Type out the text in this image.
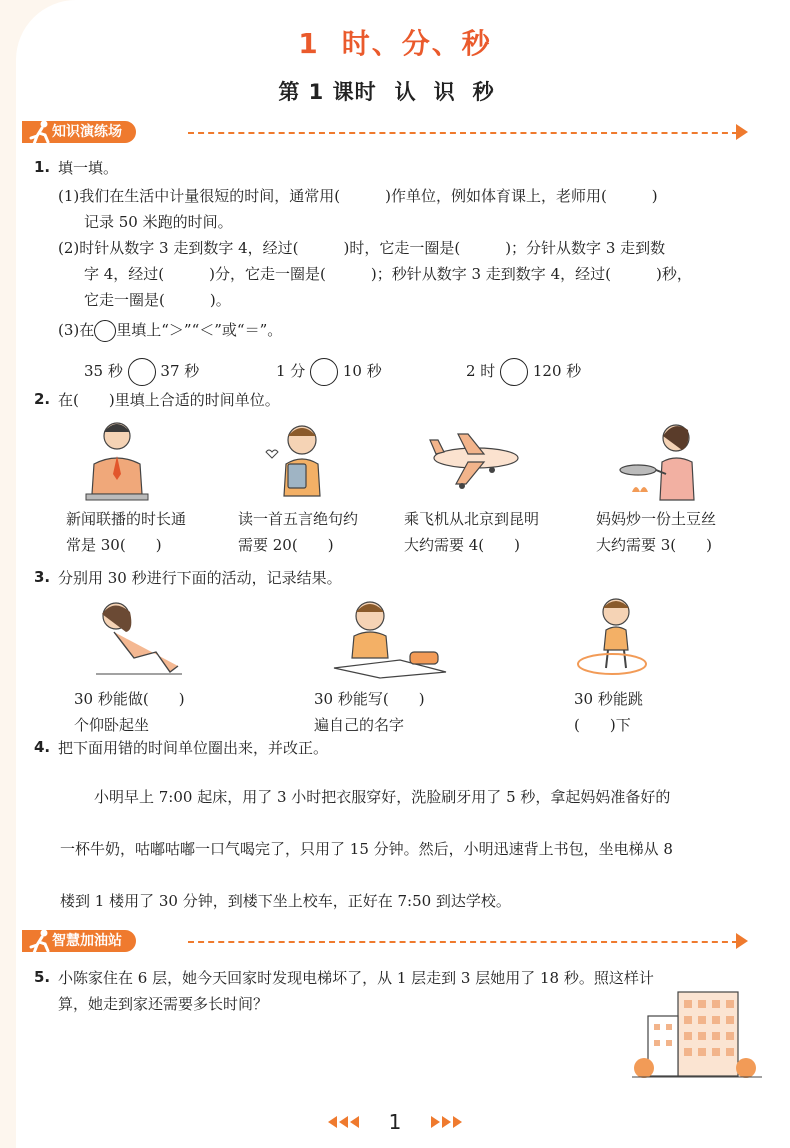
1 时、分、秒
第 1 课时 认识秒
知识演练场
1. 填一填。
(1)我们在生活中计量很短的时间，通常用(　　　)作单位，例如体育课上，老师用(　　　)
记录 50 米跑的时间。
(2)时针从数字 3 走到数字 4，经过(　　　)时，它走一圈是(　　　)；分针从数字 3 走到数
字 4，经过(　　　)分，它走一圈是(　　　)；秒针从数字 3 走到数字 4，经过(　　　)秒，
它走一圈是(　　　)。
(3)在 里填上“＞”“＜”或“＝”。
35 秒	37 秒	1 分	10 秒	2 时	120 秒
2. 在(　　)里填上合适的时间单位。
新闻联播的时长通
常是 30(　　)
读一首五言绝句约
需要 20(　　)
乘飞机从北京到昆明
大约需要 4(　　)
妈妈炒一份土豆丝
大约需要 3(　　)
3. 分别用 30 秒进行下面的活动，记录结果。
30 秒能做(　　)
个仰卧起坐
30 秒能写(　　)
遍自己的名字
30 秒能跳
(　　)下
4. 把下面用错的时间单位圈出来，并改正。
小明早上 7:00 起床，用了 3 小时把衣服穿好，洗脸刷牙用了 5 秒，拿起妈妈准备好的
一杯牛奶，咕嘟咕嘟一口气喝完了，只用了 15 分钟。然后，小明迅速背上书包，坐电梯从 8
楼到 1 楼用了 30 分钟，到楼下坐上校车，正好在 7:50 到达学校。
智慧加油站
5. 小陈家住在 6 层，她今天回家时发现电梯坏了，从 1 层走到 3 层她用了 18 秒。照这样计
算，她走到家还需要多长时间？
1
